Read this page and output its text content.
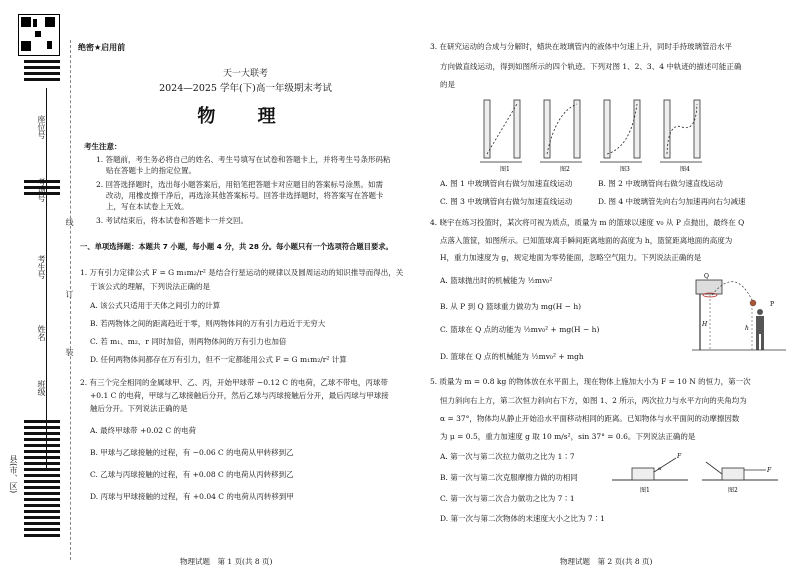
座位号
考场号
考生号
姓名
班级
县(市、区)
线
订
装
绝密★启用前
天一大联考
2024—2025 学年(下)高一年级期末考试
物 理
考生注意：
1. 答题前，考生务必将自己的姓名、考生号填写在试卷和答题卡上，并将考生号条形码粘
贴在答题卡上的指定位置。
2. 回答选择题时，选出每小题答案后，用铅笔把答题卡对应题目的答案标号涂黑。如需
改动，用橡皮擦干净后，再选涂其他答案标号。回答非选择题时，将答案写在答题卡
上，写在本试卷上无效。
3. 考试结束后，将本试卷和答题卡一并交回。
一、单项选择题：本题共 7 小题，每小题 4 分，共 28 分。每小题只有一个选项符合题目要求。
1. 万有引力定律公式 F = G m₁m₂/r² 是结合行星运动的规律以及圆周运动的知识推导而得出，关
于该公式的理解，下列说法正确的是
A. 该公式只适用于天体之间引力的计算
B. 若两物体之间的距离趋近于零，则两物体间的万有引力趋近于无穷大
C. 若 m₁、m₂、r 同时加倍，则两物体间的万有引力也加倍
D. 任何两物体间都存在万有引力，但不一定都能用公式 F = G m₁m₂/r² 计算
2. 有三个完全相同的金属球甲、乙、丙，开始甲球带 −0.12 C 的电荷，乙球不带电，丙球带
+0.1 C 的电荷，甲球与乙球接触后分开，然后乙球与丙球接触后分开，最后丙球与甲球接
触后分开。下列说法正确的是
A. 最终甲球带 +0.02 C 的电荷
B. 甲球与乙球接触的过程，有 −0.06 C 的电荷从甲转移到乙
C. 乙球与丙球接触的过程，有 +0.08 C 的电荷从丙转移到乙
D. 丙球与甲球接触的过程，有 +0.04 C 的电荷从丙转移到甲
物理试题　第 1 页(共 8 页)
3. 在研究运动的合成与分解时，蜡块在玻璃管内的液体中匀速上升，同时手持玻璃管沿水平
方向做直线运动，得到如图所示的四个轨迹。下列对图 1、2、3、4 中轨迹的描述可能正确
的是
图1	图2	图3	图4
A. 图 1 中玻璃管向右做匀加速直线运动	B. 图 2 中玻璃管向右做匀速直线运动
C. 图 3 中玻璃管向右做匀加速直线运动	D. 图 4 中玻璃管先向右匀加速再向右匀减速
4. 晓宇在练习投篮时，某次将可视为质点，质量为 m 的篮球以速度 v₀ 从 P 点抛出，最终在 Q
点落入篮筐，如图所示。已知篮球离手瞬间距离地面的高度为 h，篮筐距离地面的高度为
H，重力加速度为 g，规定地面为零势能面，忽略空气阻力。下列说法正确的是
A. 篮球抛出时的机械能为 ½mv₀²
B. 从 P 到 Q 篮球重力做功为 mg(H − h)
C. 篮球在 Q 点的动能为 ½mv₀² + mg(H − h)
D. 篮球在 Q 点的机械能为 ½mv₀² + mgh
Q
P
H
h
5. 质量为 m = 0.8 kg 的物体放在水平面上，现在物体上施加大小为 F = 10 N 的恒力，第一次
恒力斜向右上方，第二次恒力斜向右下方，如图 1、2 所示，两次拉力与水平方向的夹角均为
α = 37°，物体均从静止开始沿水平面移动相同的距离。已知物体与水平面间的动摩擦因数
为 μ = 0.5，重力加速度 g 取 10 m/s²，sin 37° = 0.6。下列说法正确的是
A. 第一次与第二次拉力做功之比为 1∶7
B. 第一次与第二次克服摩擦力做的功相同
C. 第一次与第二次合力做功之比为 7∶1
D. 第一次与第二次物体的末速度大小之比为 7∶1
F
α
图1
F
图2
物理试题　第 2 页(共 8 页)
